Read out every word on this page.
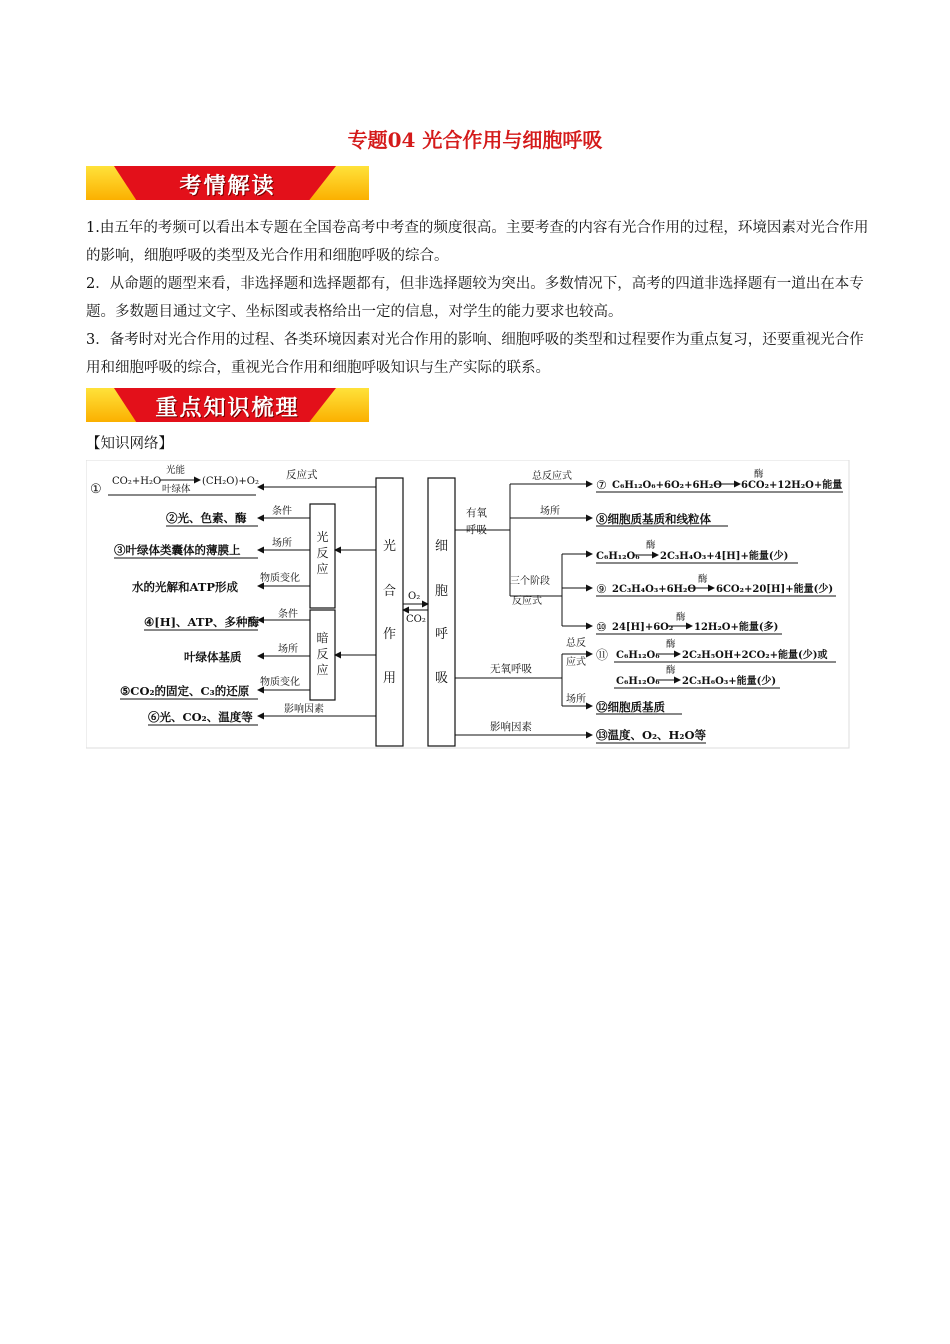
专题04 光合作用与细胞呼吸
考情解读
1.由五年的考频可以看出本专题在全国卷高考中考查的频度很高。主要考查的内容有光合作用的过程，环境因素对光合作用的影响，细胞呼吸的类型及光合作用和细胞呼吸的综合。
2．从命题的题型来看，非选择题和选择题都有，但非选择题较为突出。多数情况下，高考的四道非选择题有一道出在本专题。多数题目通过文字、坐标图或表格给出一定的信息，对学生的能力要求也较高。
3．备考时对光合作用的过程、各类环境因素对光合作用的影响、细胞呼吸的类型和过程要作为重点复习，还要重视光合作用和细胞呼吸的综合，重视光合作用和细胞呼吸知识与生产实际的联系。
重点知识梳理
【知识网络】
光
合
作
用
细
胞
呼
吸
O₂
CO₂
光
反
应
暗
反
应
反应式
①
CO₂+H₂O
光能
叶绿体
(CH₂O)+O₂
条件
②光、色素、酶
场所
③叶绿体类囊体的薄膜上
物质变化
水的光解和ATP形成
条件
④[H]、ATP、多种酶
场所
叶绿体基质
物质变化
⑤CO₂的固定、C₃的还原
影响因素
⑥光、CO₂、温度等
有氧
呼吸
总反应式
⑦ C₆H₁₂O₆+6O₂+6H₂O
酶
6CO₂+12H₂O+能量
场所
⑧细胞质基质和线粒体
三个阶段
反应式
C₆H₁₂O₆
酶
2C₃H₄O₃+4[H]+能量(少)
⑨ 2C₃H₄O₃+6H₂O
酶
6CO₂+20[H]+能量(少)
⑩ 24[H]+6O₂
酶
12H₂O+能量(多)
无氧呼吸
总反
应式
⑪ C₆H₁₂O₆
酶
2C₂H₅OH+2CO₂+能量(少)或
C₆H₁₂O₆
酶
2C₃H₆O₃+能量(少)
场所
⑫细胞质基质
影响因素
⑬温度、O₂、H₂O等
